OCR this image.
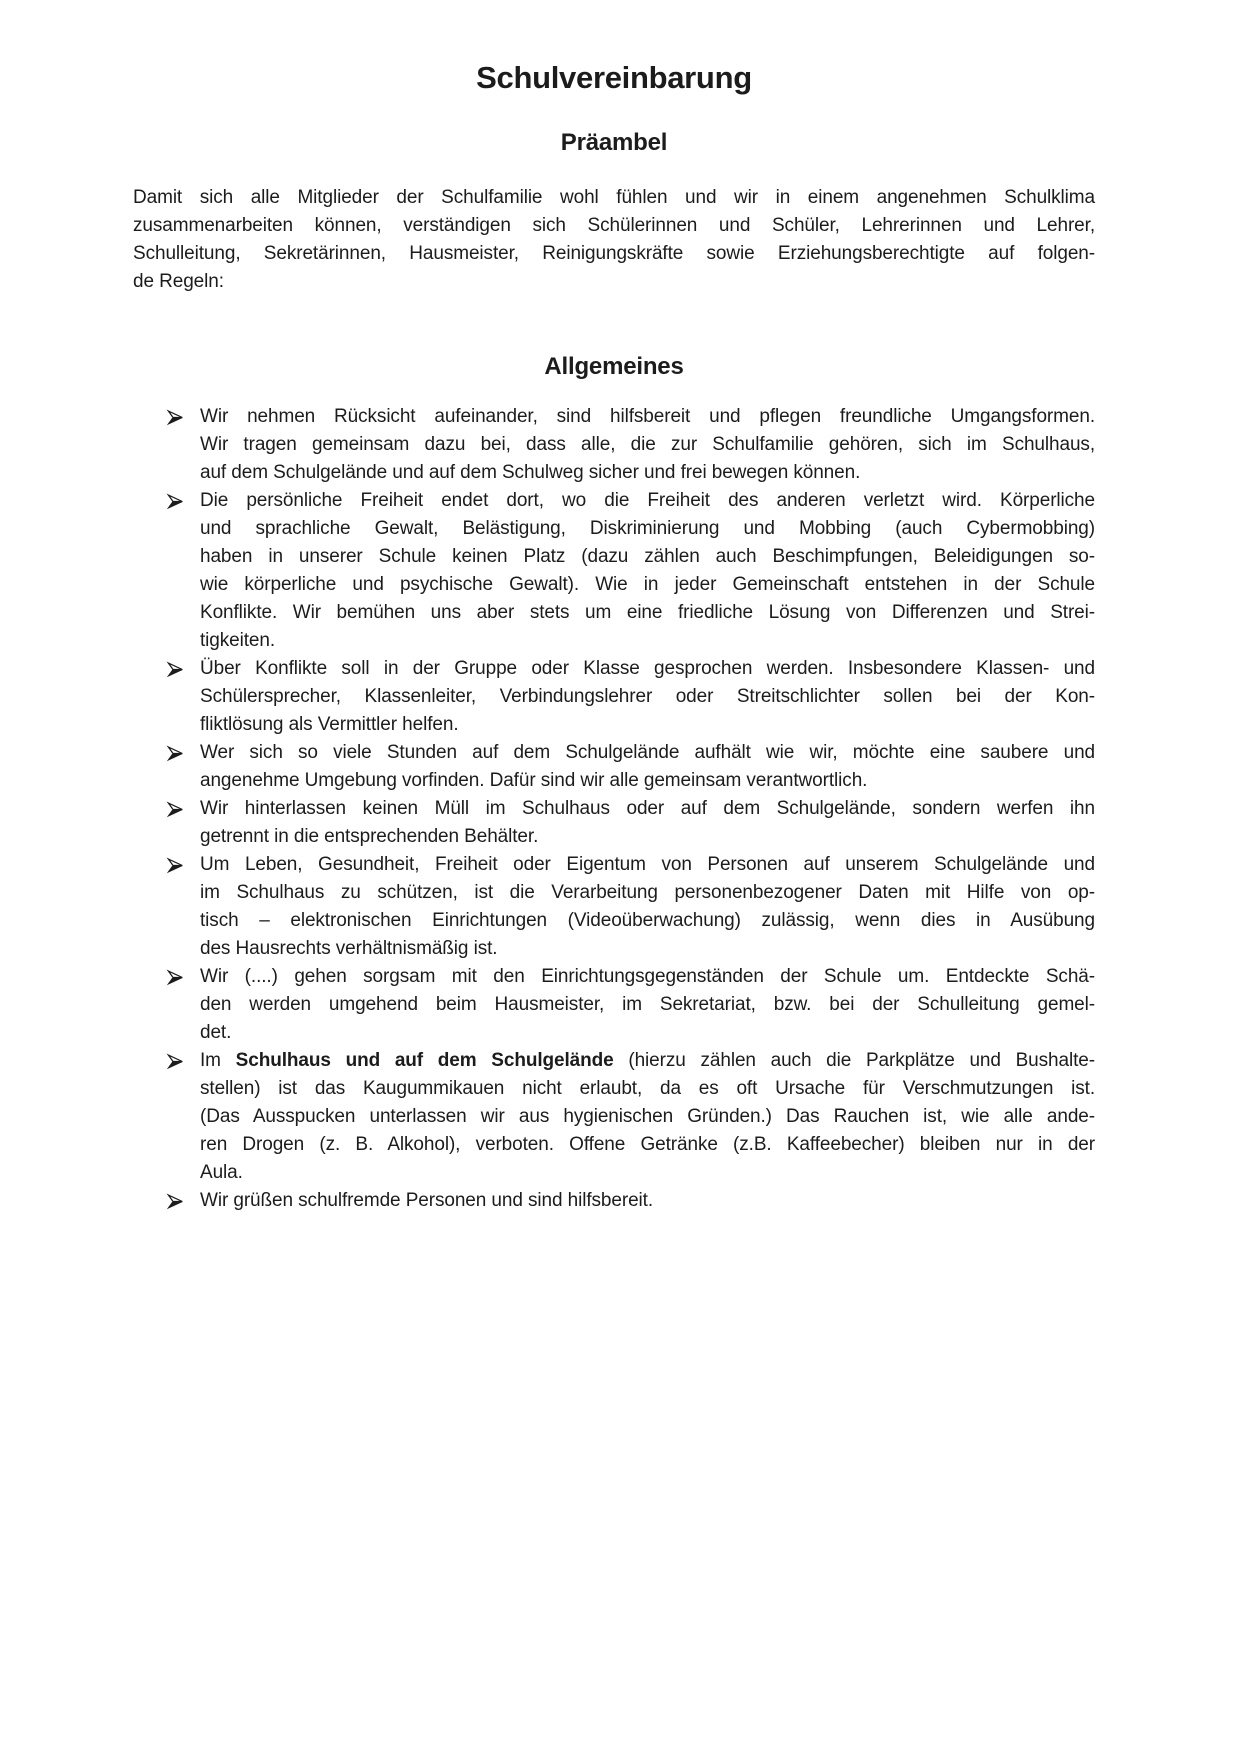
Schulvereinbarung
Präambel
Damit sich alle Mitglieder der Schulfamilie wohl fühlen und wir in einem angenehmen Schulklima
zusammenarbeiten können, verständigen sich Schülerinnen und Schüler, Lehrerinnen und Lehrer,
Schulleitung, Sekretärinnen, Hausmeister, Reinigungskräfte sowie Erziehungsberechtigte auf folgen-
de Regeln:
Allgemeines
Wir nehmen Rücksicht aufeinander, sind hilfsbereit und pflegen freundliche Umgangsformen.
Wir tragen gemeinsam dazu bei, dass alle, die zur Schulfamilie gehören, sich im Schulhaus,
auf dem Schulgelände und auf dem Schulweg sicher und frei bewegen können.
Die persönliche Freiheit endet dort, wo die Freiheit des anderen verletzt wird. Körperliche
und sprachliche Gewalt, Belästigung, Diskriminierung und Mobbing (auch Cybermobbing)
haben in unserer Schule keinen Platz (dazu zählen auch Beschimpfungen, Beleidigungen so-
wie körperliche und psychische Gewalt). Wie in jeder Gemeinschaft entstehen in der Schule
Konflikte. Wir bemühen uns aber stets um eine friedliche Lösung von Differenzen und Strei-
tigkeiten.
Über Konflikte soll in der Gruppe oder Klasse gesprochen werden. Insbesondere Klassen- und
Schülersprecher, Klassenleiter, Verbindungslehrer oder Streitschlichter sollen bei der Kon-
fliktlösung als Vermittler helfen.
Wer sich so viele Stunden auf dem Schulgelände aufhält wie wir, möchte eine saubere und
angenehme Umgebung vorfinden. Dafür sind wir alle gemeinsam verantwortlich.
Wir hinterlassen keinen Müll im Schulhaus oder auf dem Schulgelände, sondern werfen ihn
getrennt in die entsprechenden Behälter.
Um Leben, Gesundheit, Freiheit oder Eigentum von Personen auf unserem Schulgelände und
im Schulhaus zu schützen, ist die Verarbeitung personenbezogener Daten mit Hilfe von op-
tisch – elektronischen Einrichtungen (Videoüberwachung) zulässig, wenn dies in Ausübung
des Hausrechts verhältnismäßig ist.
Wir (....) gehen sorgsam mit den Einrichtungsgegenständen der Schule um. Entdeckte Schä-
den werden umgehend beim Hausmeister, im Sekretariat, bzw. bei der Schulleitung gemel-
det.
Im Schulhaus und auf dem Schulgelände (hierzu zählen auch die Parkplätze und Bushalte-
stellen) ist das Kaugummikauen nicht erlaubt, da es oft Ursache für Verschmutzungen ist.
(Das Ausspucken unterlassen wir aus hygienischen Gründen.) Das Rauchen ist, wie alle ande-
ren Drogen (z. B. Alkohol), verboten. Offene Getränke (z.B. Kaffeebecher) bleiben nur in der
Aula.
Wir grüßen schulfremde Personen und sind hilfsbereit.
